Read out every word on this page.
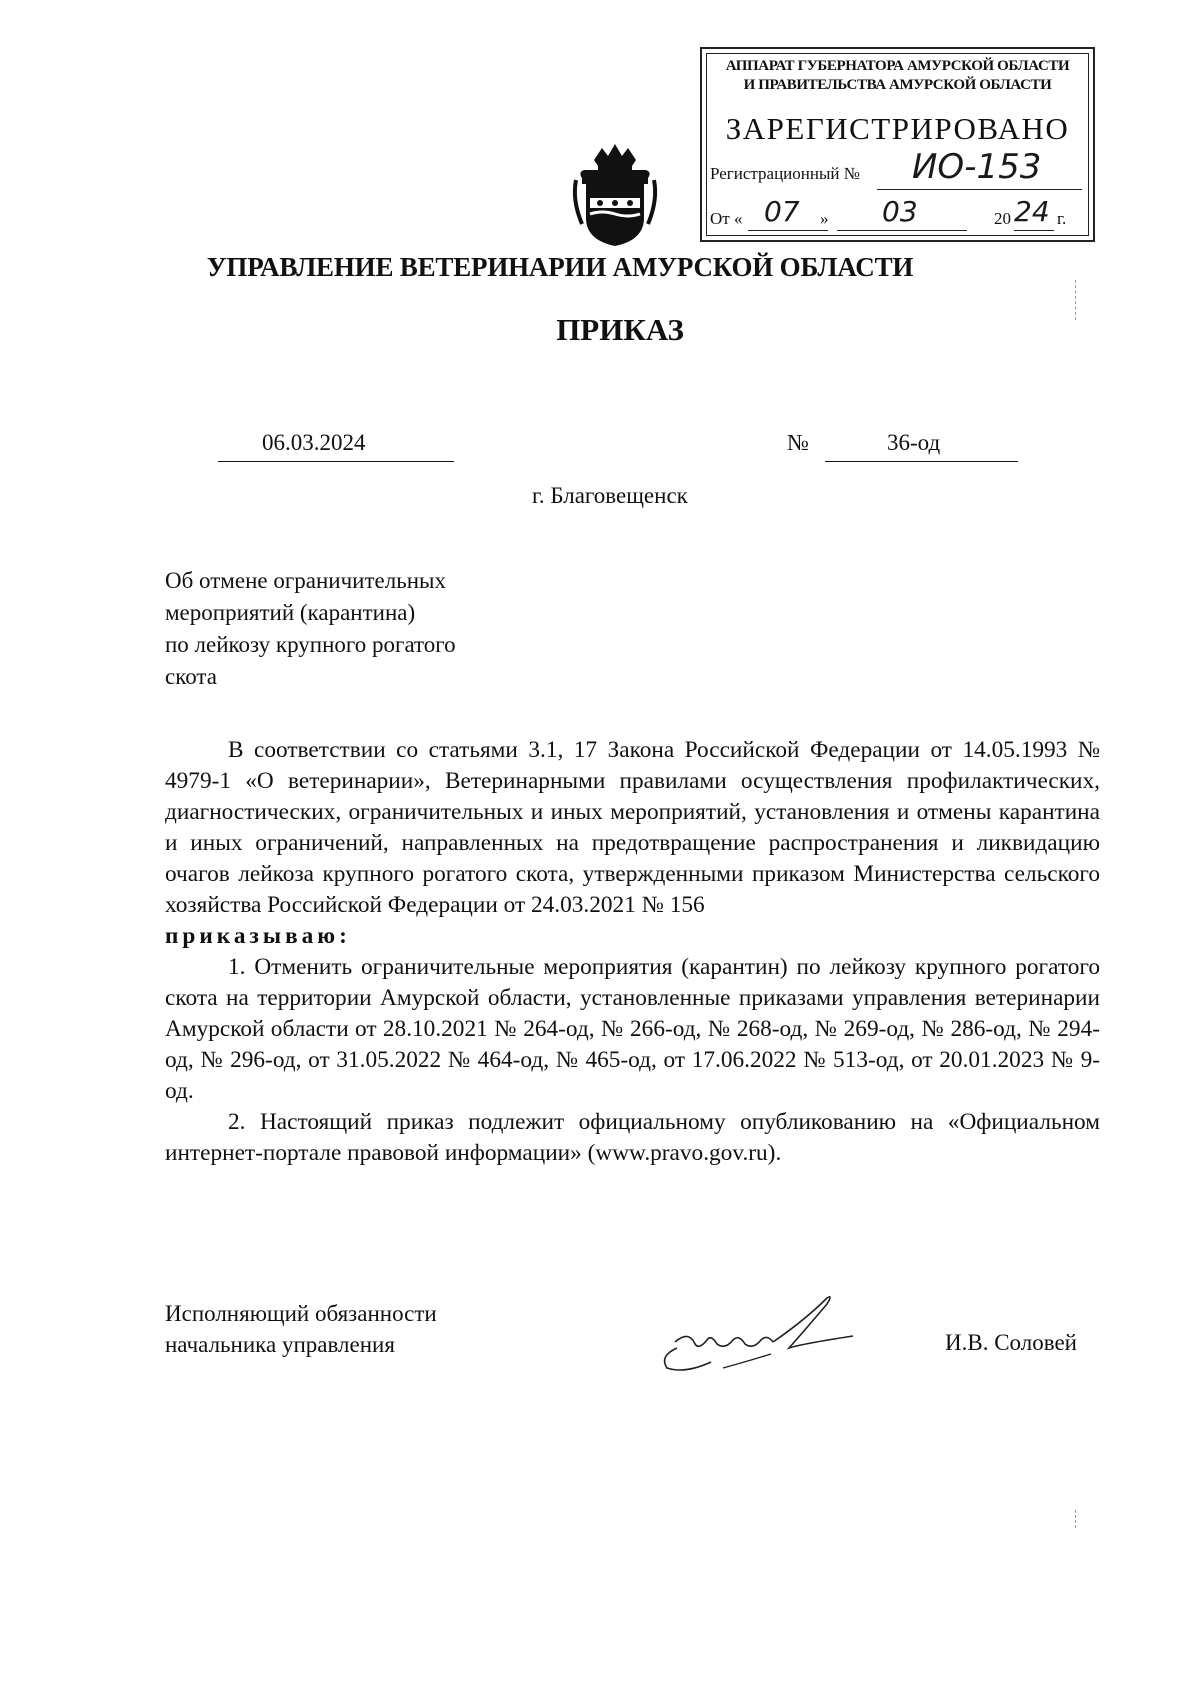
АППАРАТ ГУБЕРНАТОРА АМУРСКОЙ ОБЛАСТИ
И ПРАВИТЕЛЬСТВА АМУРСКОЙ ОБЛАСТИ
ЗАРЕГИСТРИРОВАНО
Регистрационный № ИО-153
От « 07 » 03	20 24 г.
УПРАВЛЕНИЕ ВЕТЕРИНАРИИ АМУРСКОЙ ОБЛАСТИ
ПРИКАЗ
06.03.2024	№	36-од
г. Благовещенск
Об отмене ограничительных
мероприятий (карантина)
по лейкозу крупного рогатого
скота

В соответствии со статьями 3.1, 17 Закона Российской Федерации от 14.05.1993 № 4979-1 «О ветеринарии», Ветеринарными правилами осуществления профилактических, диагностических, ограничительных и иных мероприятий, установления и отмены карантина и иных ограничений, направленных на предотвращение распространения и ликвидацию очагов лейкоза крупного рогатого скота, утвержденными приказом Министерства сельского хозяйства Российской Федерации от 24.03.2021 № 156

приказываю:

1. Отменить ограничительные мероприятия (карантин) по лейкозу крупного рогатого скота на территории Амурской области, установленные приказами управления ветеринарии Амурской области от 28.10.2021 № 264-од, № 266-од, № 268-од, № 269-од, № 286-од, № 294-од, № 296-од, от 31.05.2022 № 464-од, № 465-од, от 17.06.2022 № 513-од, от 20.01.2023 № 9-од.

2. Настоящий приказ подлежит официальному опубликованию на «Официальном интернет-портале правовой информации» (www.pravo.gov.ru).

Исполняющий обязанности
начальника управления	И.В. Соловей
